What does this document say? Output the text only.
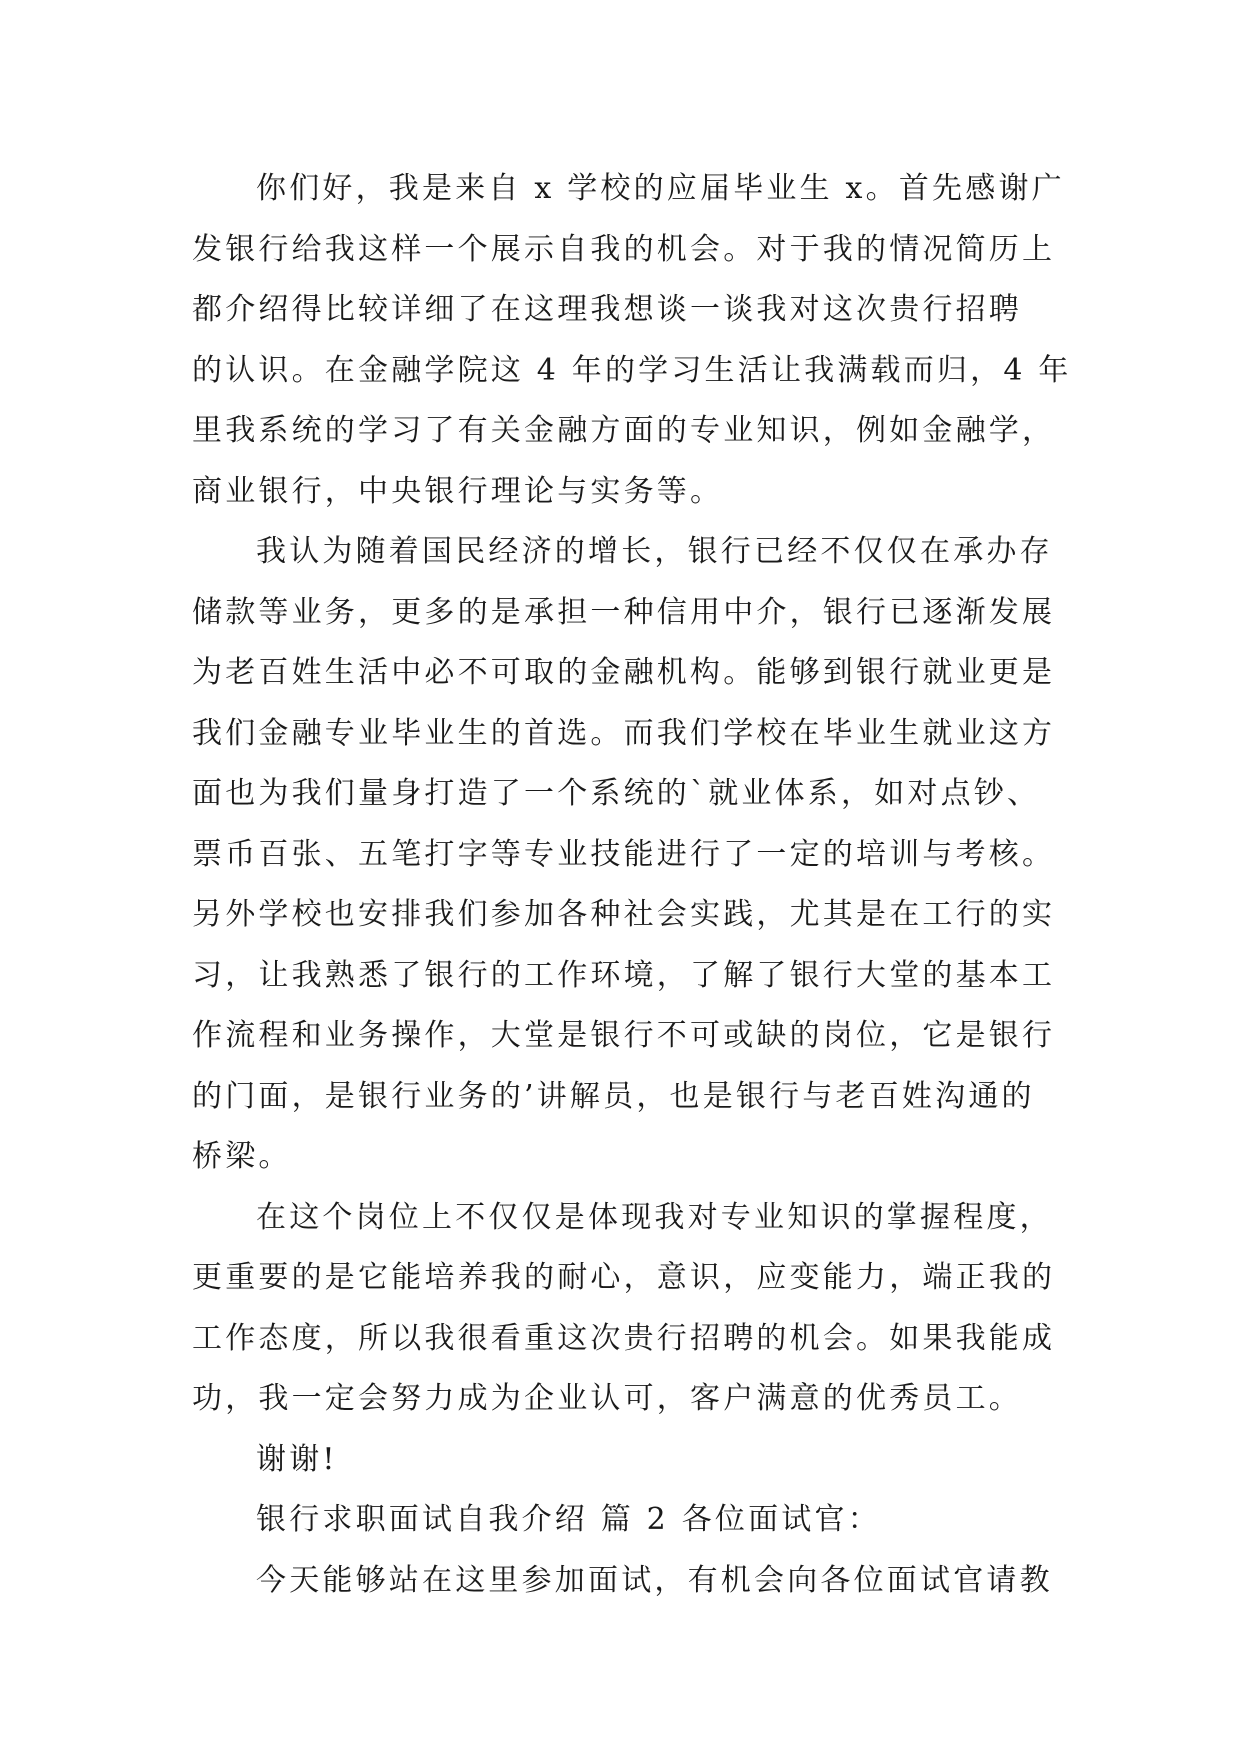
你们好，我是来自 x 学校的应届毕业生 x。首先感谢广
发银行给我这样一个展示自我的机会。对于我的情况简历上
都介绍得比较详细了在这理我想谈一谈我对这次贵行招聘
的认识。在金融学院这 4 年的学习生活让我满载而归，4 年
里我系统的学习了有关金融方面的专业知识，例如金融学，
商业银行，中央银行理论与实务等。
我认为随着国民经济的增长，银行已经不仅仅在承办存
储款等业务，更多的是承担一种信用中介，银行已逐渐发展
为老百姓生活中必不可取的金融机构。能够到银行就业更是
我们金融专业毕业生的首选。而我们学校在毕业生就业这方
面也为我们量身打造了一个系统的`就业体系，如对点钞、
票币百张、五笔打字等专业技能进行了一定的培训与考核。
另外学校也安排我们参加各种社会实践，尤其是在工行的实
习，让我熟悉了银行的工作环境，了解了银行大堂的基本工
作流程和业务操作，大堂是银行不可或缺的岗位，它是银行
的门面，是银行业务的’讲解员，也是银行与老百姓沟通的
桥梁。
在这个岗位上不仅仅是体现我对专业知识的掌握程度，
更重要的是它能培养我的耐心，意识，应变能力，端正我的
工作态度，所以我很看重这次贵行招聘的机会。如果我能成
功，我一定会努力成为企业认可，客户满意的优秀员工。
谢谢!
银行求职面试自我介绍 篇 2 各位面试官：
今天能够站在这里参加面试，有机会向各位面试官请教
